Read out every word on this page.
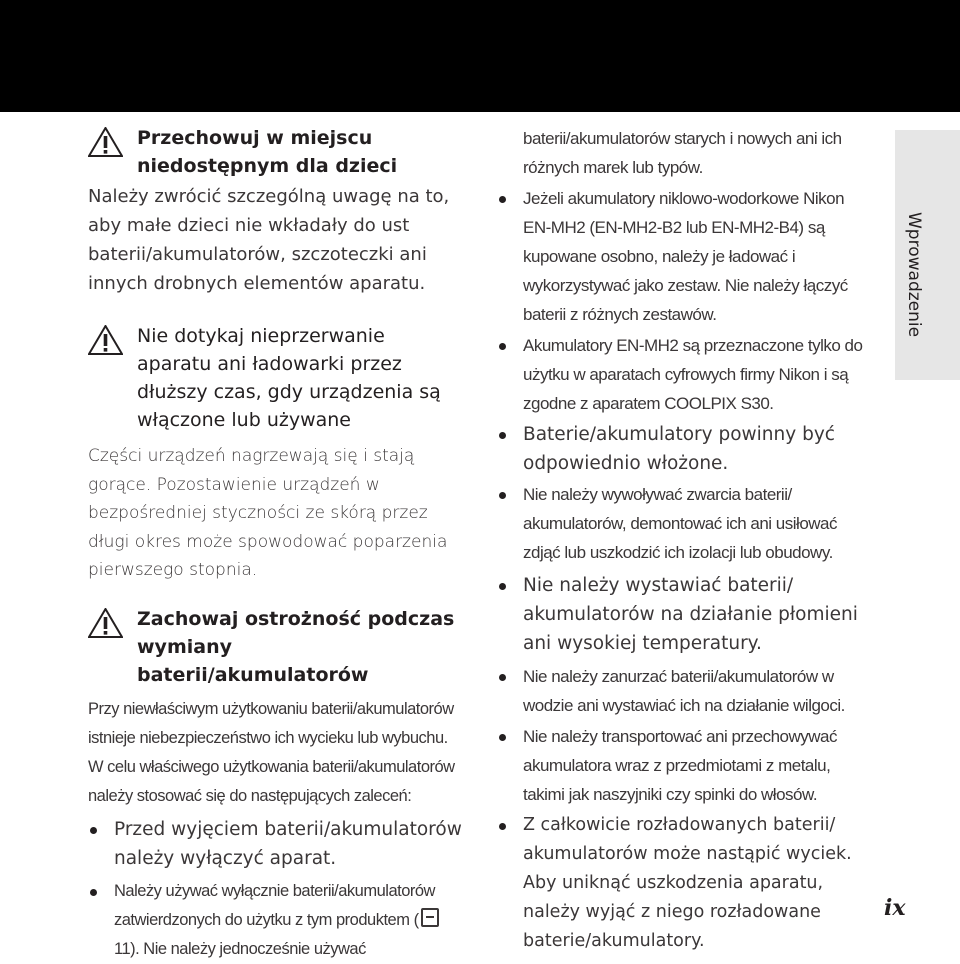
Przechowuj w miejscu
niedostępnym dla dzieci
Należy zwrócić szczególną uwagę na to, aby małe dzieci nie wkładały do ust baterii/akumulatorów, szczoteczki ani innych drobnych elementów aparatu.
Nie dotykaj nieprzerwanie
aparatu ani ładowarki przez
dłuższy czas, gdy urządzenia są
włączone lub używane
Części urządzeń nagrzewają się i stają gorące. Pozostawienie urządzeń w bezpośredniej styczności ze skórą przez długi okres może spowodować poparzenia pierwszego stopnia.
Zachowaj ostrożność podczas
wymiany baterii/akumulatorów
Przy niewłaściwym użytkowaniu baterii/akumulatorów istnieje niebezpieczeństwo ich wycieku lub wybuchu.
W celu właściwego użytkowania baterii/akumulatorów należy stosować się do następujących zaleceń:
Przed wyjęciem baterii/akumulatorów należy wyłączyć aparat.
Należy używać wyłącznie baterii/akumulatorów zatwierdzonych do użytku z tym produktem ( 11). Nie należy jednocześnie używać
baterii/akumulatorów starych i nowych ani ich różnych marek lub typów.
Jeżeli akumulatory niklowo-wodorkowe Nikon EN-MH2 (EN-MH2-B2 lub EN-MH2-B4) są kupowane osobno, należy je ładować i wykorzystywać jako zestaw. Nie należy łączyć baterii z różnych zestawów.
Akumulatory EN-MH2 są przeznaczone tylko do użytku w aparatach cyfrowych firmy Nikon i są zgodne z aparatem COOLPIX S30.
Baterie/akumulatory powinny być odpowiednio włożone.
Nie należy wywoływać zwarcia baterii/ akumulatorów, demontować ich ani usiłować zdjąć lub uszkodzić ich izolacji lub obudowy.
Nie należy wystawiać baterii/ akumulatorów na działanie płomieni ani wysokiej temperatury.
Nie należy zanurzać baterii/akumulatorów w wodzie ani wystawiać ich na działanie wilgoci.
Nie należy transportować ani przechowywać akumulatora wraz z przedmiotami z metalu, takimi jak naszyjniki czy spinki do włosów.
Z całkowicie rozładowanych baterii/ akumulatorów może nastąpić wyciek. Aby uniknąć uszkodzenia aparatu, należy wyjąć z niego rozładowane baterie/akumulatory.
Wprowadzenie
ix
